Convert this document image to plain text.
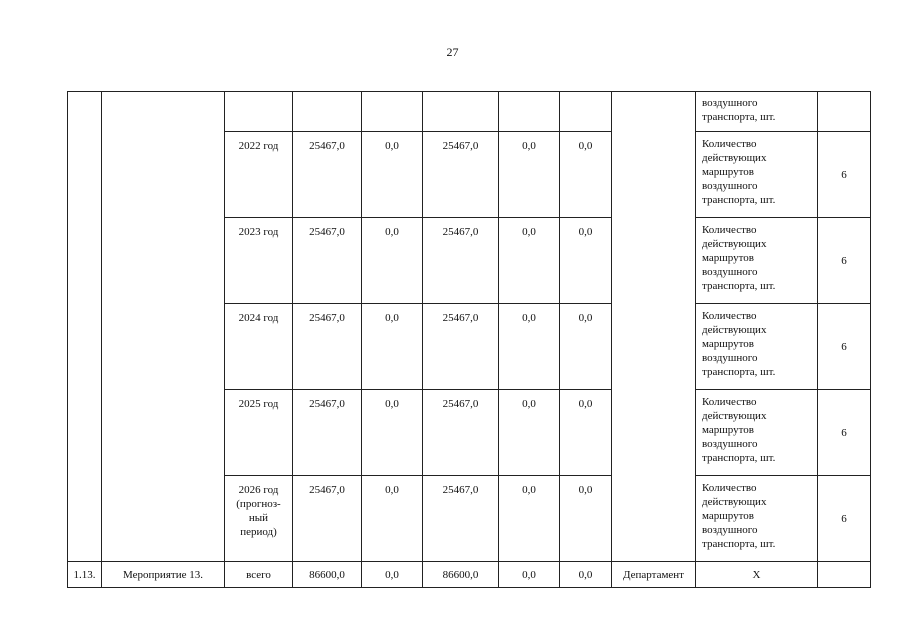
27
									воздушного
транспорта, шт.	
		2022 год	25467,0	0,0	25467,0	0,0	0,0		Количество
действующих
маршрутов
воздушного
транспорта, шт.	6
		2023 год	25467,0	0,0	25467,0	0,0	0,0		Количество
действующих
маршрутов
воздушного
транспорта, шт.	6
		2024 год	25467,0	0,0	25467,0	0,0	0,0		Количество
действующих
маршрутов
воздушного
транспорта, шт.	6
		2025 год	25467,0	0,0	25467,0	0,0	0,0		Количество
действующих
маршрутов
воздушного
транспорта, шт.	6
		2026 год
(прогноз-
ный
период)	25467,0	0,0	25467,0	0,0	0,0		Количество
действующих
маршрутов
воздушного
транспорта, шт.	6
1.13.	Мероприятие 13.	всего	86600,0	0,0	86600,0	0,0	0,0	Департамент	Х	
